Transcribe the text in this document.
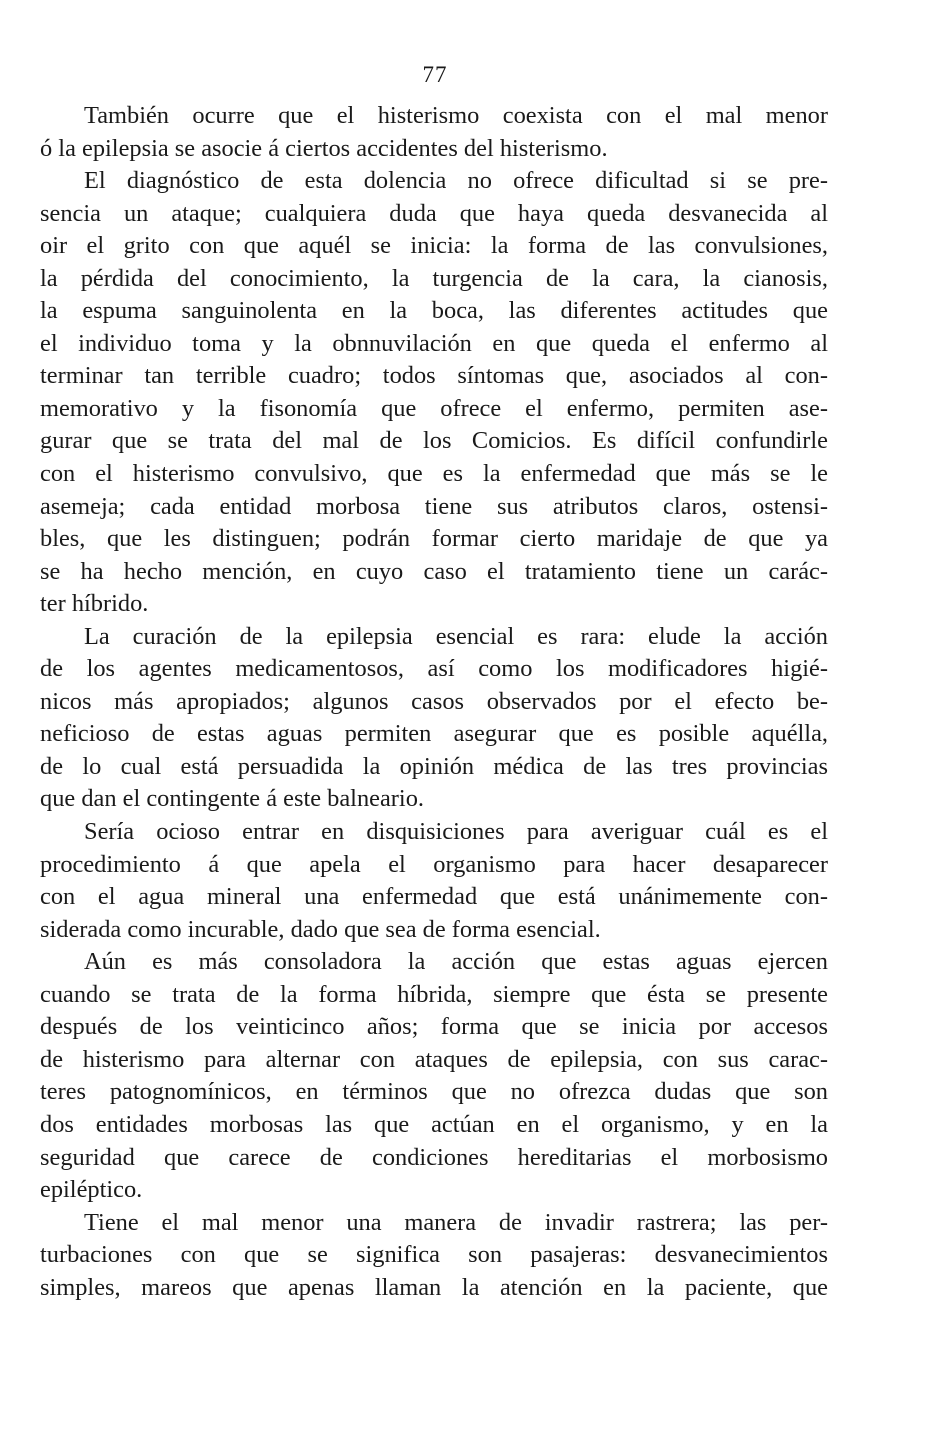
77
También ocurre que el histerismo coexista con el mal menor
ó la epilepsia se asocie á ciertos accidentes del histerismo.
El diagnóstico de esta dolencia no ofrece dificultad si se pre-
sencia un ataque; cualquiera duda que haya queda desvanecida al
oir el grito con que aquél se inicia: la forma de las convulsiones,
la pérdida del conocimiento, la turgencia de la cara, la cianosis,
la espuma sanguinolenta en la boca, las diferentes actitudes que
el individuo toma y la obnnuvilación en que queda el enfermo al
terminar tan terrible cuadro; todos síntomas que, asociados al con-
memorativo y la fisonomía que ofrece el enfermo, permiten ase-
gurar que se trata del mal de los Comicios. Es difícil confundirle
con el histerismo convulsivo, que es la enfermedad que más se le
asemeja; cada entidad morbosa tiene sus atributos claros, ostensi-
bles, que les distinguen; podrán formar cierto maridaje de que ya
se ha hecho mención, en cuyo caso el tratamiento tiene un carác-
ter híbrido.
La curación de la epilepsia esencial es rara: elude la acción
de los agentes medicamentosos, así como los modificadores higié-
nicos más apropiados; algunos casos observados por el efecto be-
neficioso de estas aguas permiten asegurar que es posible aquélla,
de lo cual está persuadida la opinión médica de las tres provincias
que dan el contingente á este balneario.
Sería ocioso entrar en disquisiciones para averiguar cuál es el
procedimiento á que apela el organismo para hacer desaparecer
con el agua mineral una enfermedad que está unánimemente con-
siderada como incurable, dado que sea de forma esencial.
Aún es más consoladora la acción que estas aguas ejercen
cuando se trata de la forma híbrida, siempre que ésta se presente
después de los veinticinco años; forma que se inicia por accesos
de histerismo para alternar con ataques de epilepsia, con sus carac-
teres patognomínicos, en términos que no ofrezca dudas que son
dos entidades morbosas las que actúan en el organismo, y en la
seguridad que carece de condiciones hereditarias el morbosismo
epiléptico.
Tiene el mal menor una manera de invadir rastrera; las per-
turbaciones con que se significa son pasajeras: desvanecimientos
simples, mareos que apenas llaman la atención en la paciente, que
